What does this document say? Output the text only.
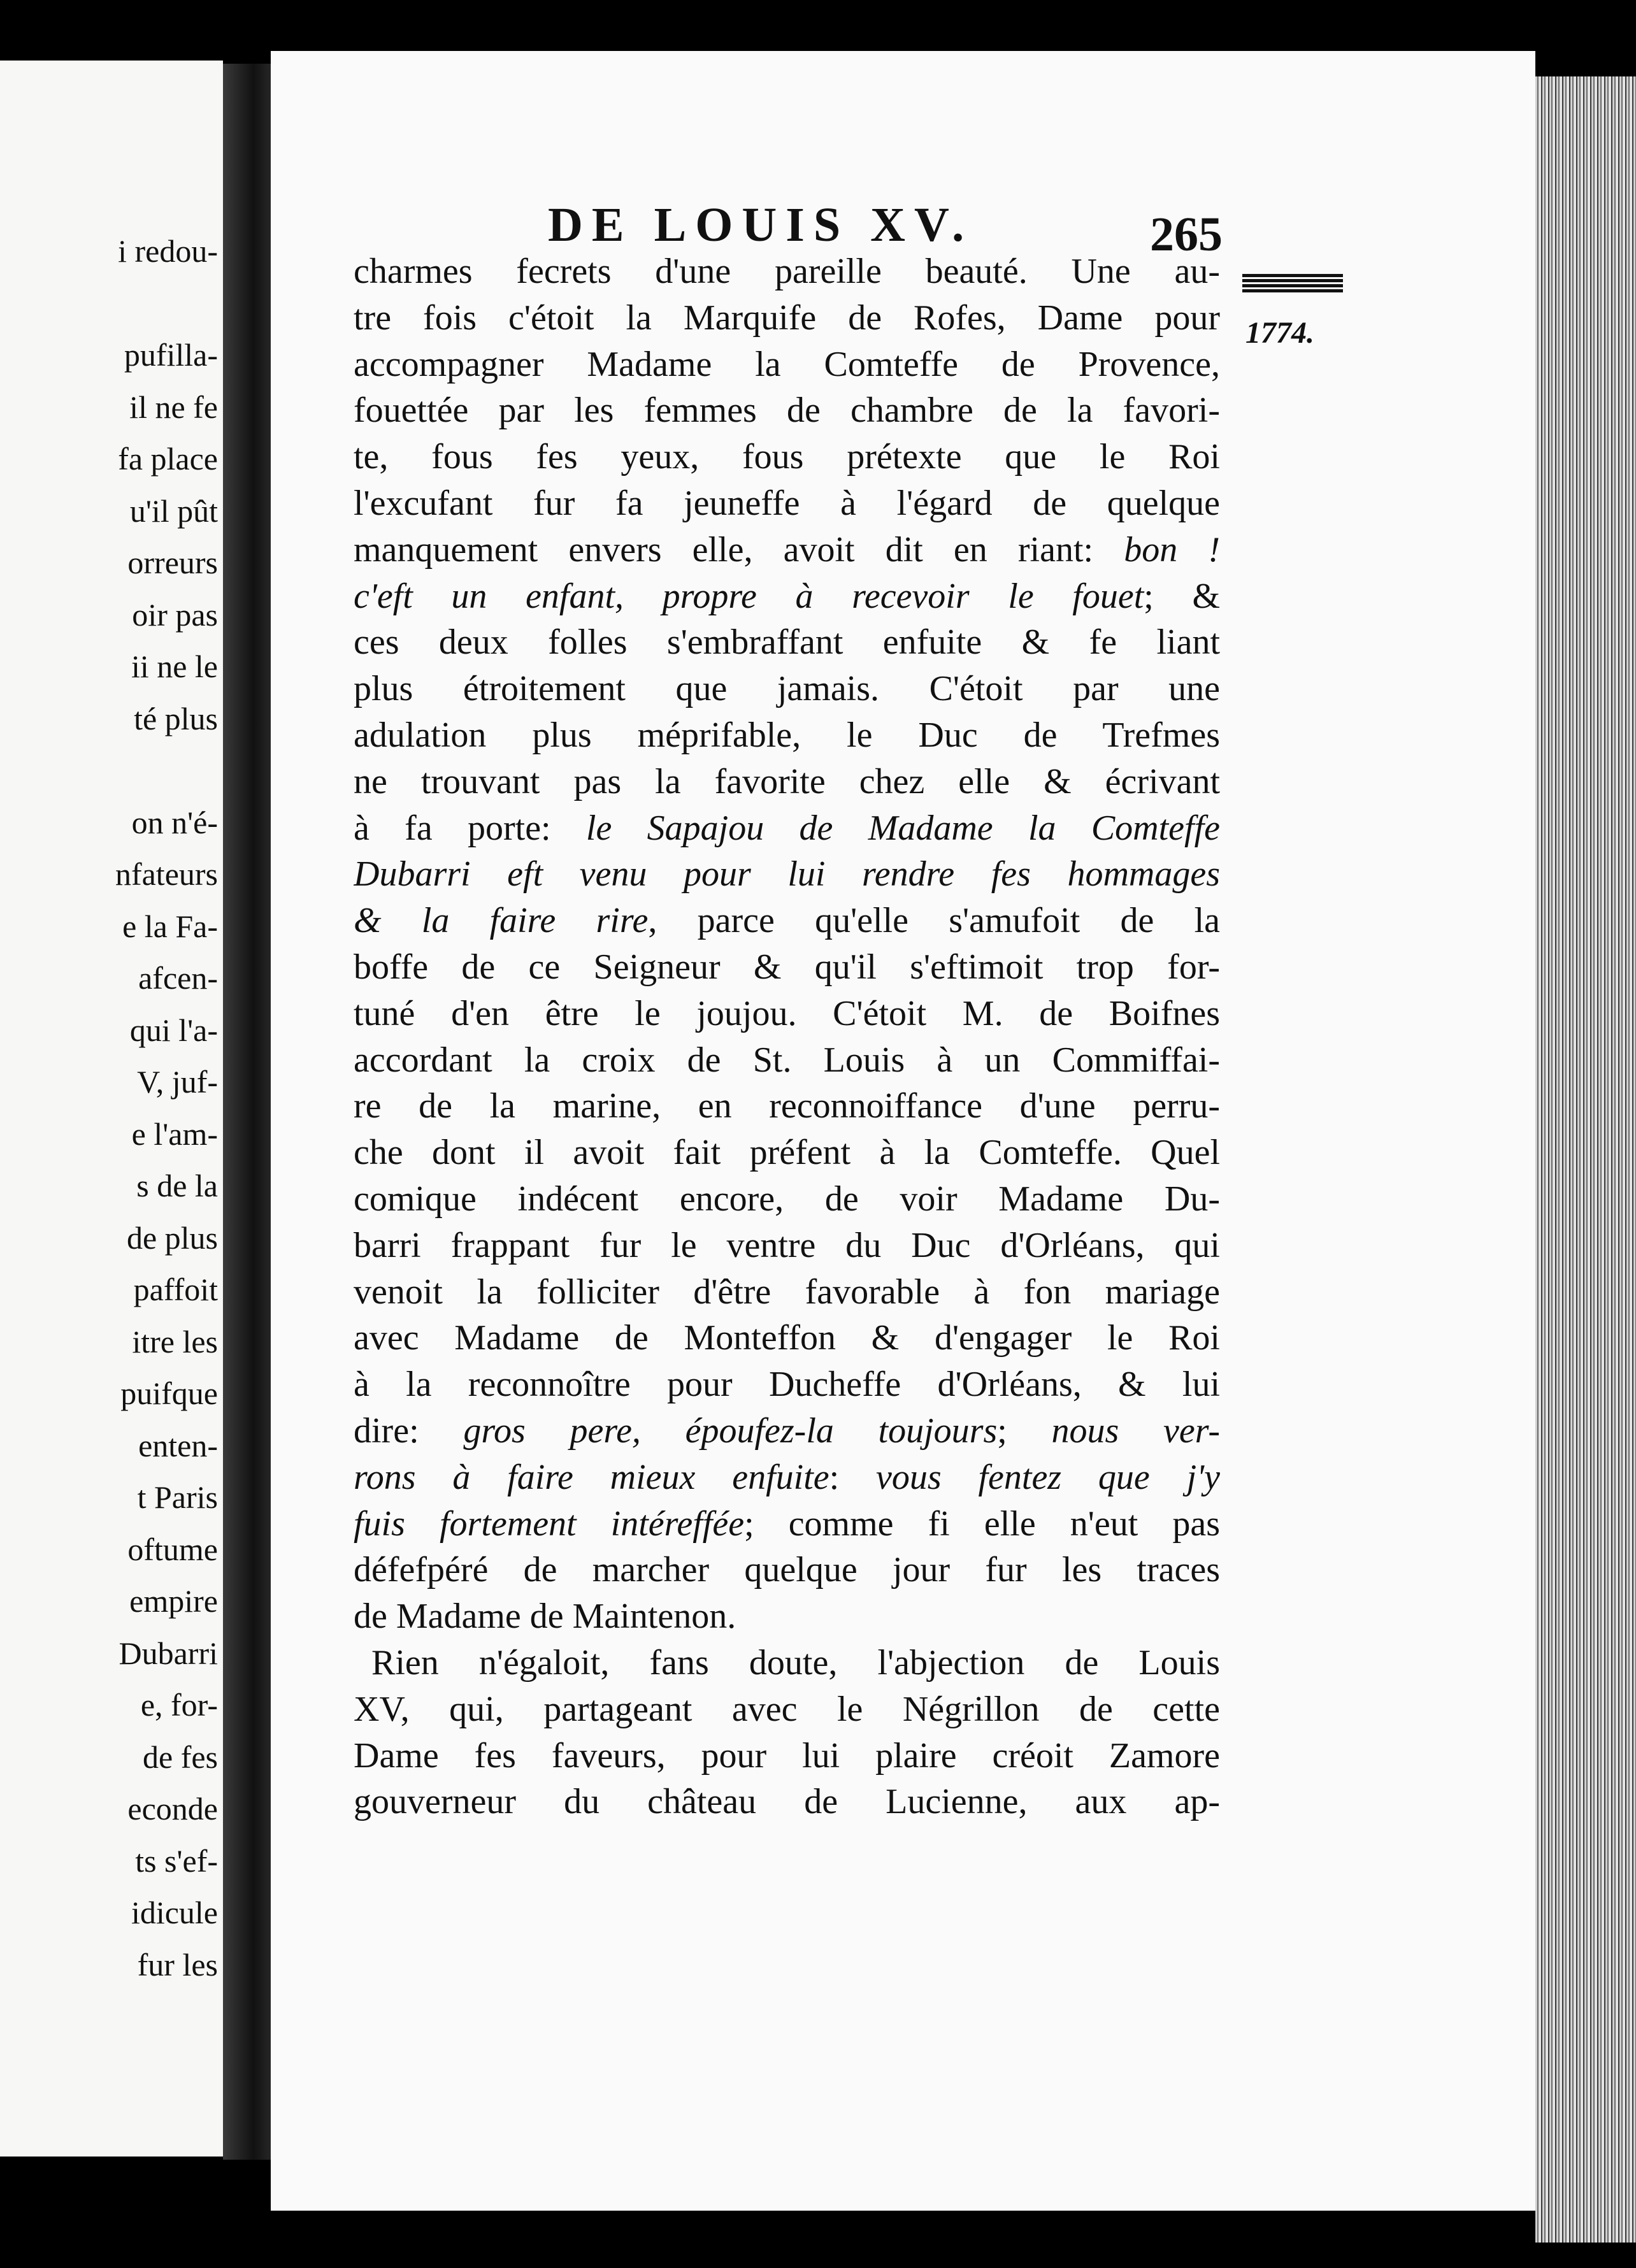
i redou-
pufilla-
il ne fe
fa place
u'il pût
orreurs
oir pas
ii ne le
té plus
on n'é-
nfateurs
e la Fa-
afcen-
qui l'a-
V, juf-
e l'am-
s de la
de plus
paffoit
itre les
puifque
enten-
t Paris
oftume
empire
Dubarri
e, for-
de fes
econde
ts s'ef-
idicule
fur les
DE LOUIS XV.	265
1774.
charmes fecrets d'une pareille beauté. Une au-
tre fois c'étoit la Marquife de Rofes, Dame pour
accompagner Madame la Comteffe de Provence,
fouettée par les femmes de chambre de la favori-
te, fous fes yeux, fous prétexte que le Roi
l'excufant fur fa jeuneffe à l'égard de quelque
manquement envers elle, avoit dit en riant: bon !
c'eft un enfant, propre à recevoir le fouet; &
ces deux folles s'embraffant enfuite & fe liant
plus étroitement que jamais. C'étoit par une
adulation plus méprifable, le Duc de Trefmes
ne trouvant pas la favorite chez elle & écrivant
à fa porte: le Sapajou de Madame la Comteffe
Dubarri eft venu pour lui rendre fes hommages
& la faire rire, parce qu'elle s'amufoit de la
boffe de ce Seigneur & qu'il s'eftimoit trop for-
tuné d'en être le joujou. C'étoit M. de Boifnes
accordant la croix de St. Louis à un Commiffai-
re de la marine, en reconnoiffance d'une perru-
che dont il avoit fait préfent à la Comteffe. Quel
comique indécent encore, de voir Madame Du-
barri frappant fur le ventre du Duc d'Orléans, qui
venoit la folliciter d'être favorable à fon mariage
avec Madame de Monteffon & d'engager le Roi
à la reconnoître pour Ducheffe d'Orléans, & lui
dire: gros pere, époufez-la toujours; nous ver-
rons à faire mieux enfuite: vous fentez que j'y
fuis fortement intéreffée; comme fi elle n'eut pas
défefpéré de marcher quelque jour fur les traces
de Madame de Maintenon.
Rien n'égaloit, fans doute, l'abjection de Louis
XV, qui, partageant avec le Négrillon de cette
Dame fes faveurs, pour lui plaire créoit Zamore
gouverneur du château de Lucienne, aux ap-
